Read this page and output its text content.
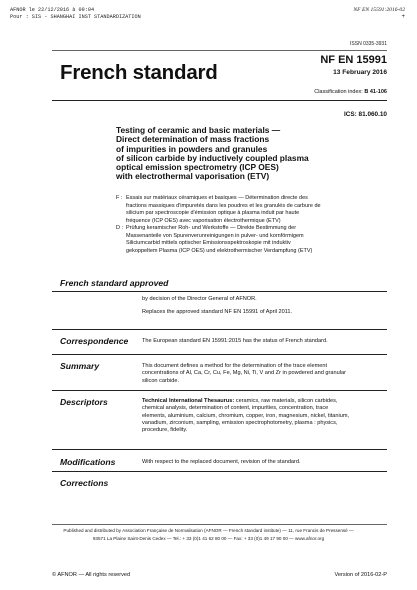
AFNOR le 22/12/2016 à 09:04
Pour : SIS - SHANGHAI INST STANDARDIZATION
NF EN 15591:2016-02
+
ISSN 0335-3931
French standard
NF EN 15991
13 February 2016
Classification index: B 41-106
ICS: 81.060.10
Testing of ceramic and basic materials —
Direct determination of mass fractions
of impurities in powders and granules
of silicon carbide by inductively coupled plasma
optical emission spectrometry (ICP OES)
with electrothermal vaporisation (ETV)
F : Essais sur matériaux céramiques et basiques — Détermination directe des
fractions massiques d'impuretés dans les poudres et les granulés de carbure de
silicium par spectroscopie d'émission optique à plasma induit par haute
fréquence (ICP OES) avec vaporisation électrothermique (ETV)
D : Prüfung keramischer Roh- und Werkstoffe — Direkte Bestimmung der
Massenanteile von Spurenverunreinigungen in pulver- und kornförmigem
Siliciumcarbid mittels optischer Emissionsspektroskopie mit induktiv
gekoppeltem Plasma (ICP OES) und elektrothermischer Verdampfung (ETV)
French standard approved
by decision of the Director General of AFNOR.
Replaces the approved standard NF EN 15991 of April 2011.
Correspondence The European standard EN 15991:2015 has the status of French standard.
Summary	This document defines a method for the determination of the trace element
concentrations of Al, Ca, Cr, Cu, Fe, Mg, Ni, Ti, V and Zr in powdered and granular
silicon carbide.
Descriptors	Technical International Thesaurus: ceramics, raw materials, silicon carbides,
chemical analysis, determination of content, impurities, concentration, trace
elements, aluminium, calcium, chromium, copper, iron, magnesium, nickel, titanium,
vanadium, zirconium, sampling, emission spectrophotometry, plasma : physics,
procedure, fidelity.
Modifications	With respect to the replaced document, revision of the standard.
Corrections
Published and distributed by Association Française de Normalisation (AFNOR — French standard institute) — 11, rue Francis de Pressensé —
93571 La Plaine Saint-Denis Cedex — Tel.: + 33 (0)1 41 62 80 00 — Fax: + 33 (0)1 49 17 90 00 — www.afnor.org
© AFNOR — All rights reserved	Version of 2016-02-P
